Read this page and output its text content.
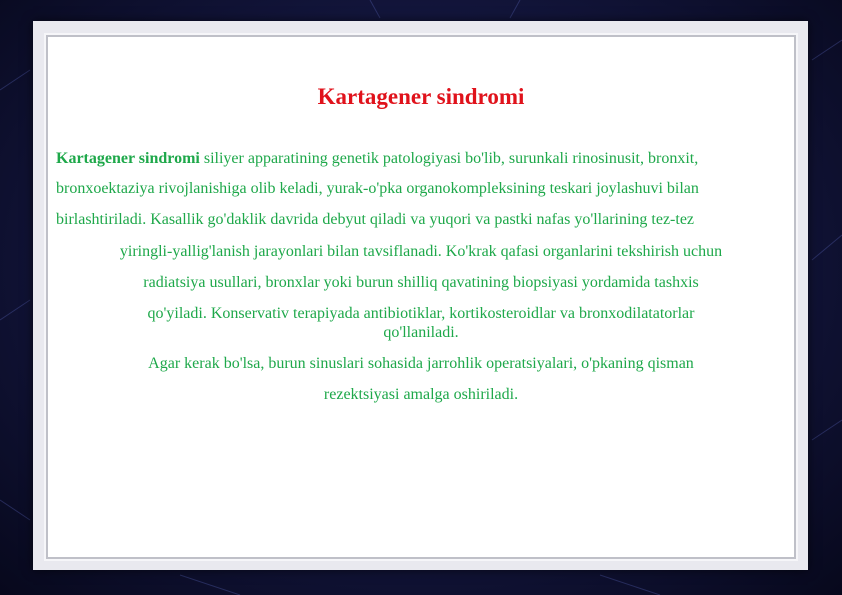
Kartagener sindromi
Kartagener sindromi siliyer apparatining genetik patologiyasi bo'lib, surunkali rinosinusit, bronxit,
bronxoektaziya rivojlanishiga olib keladi, yurak-o'pka organokompleksining teskari joylashuvi bilan
birlashtiriladi. Kasallik go'daklik davrida debyut qiladi va yuqori va pastki nafas yo'llarining tez-tez
yiringli-yallig'lanish jarayonlari bilan tavsiflanadi. Ko'krak qafasi organlarini tekshirish uchun
radiatsiya usullari, bronxlar yoki burun shilliq qavatining biopsiyasi yordamida tashxis
qo'yiladi. Konservativ terapiyada antibiotiklar, kortikosteroidlar va bronxodilatatorlar
qo'llaniladi.
Agar kerak bo'lsa, burun sinuslari sohasida jarrohlik operatsiyalari, o'pkaning qisman
rezektsiyasi amalga oshiriladi.
